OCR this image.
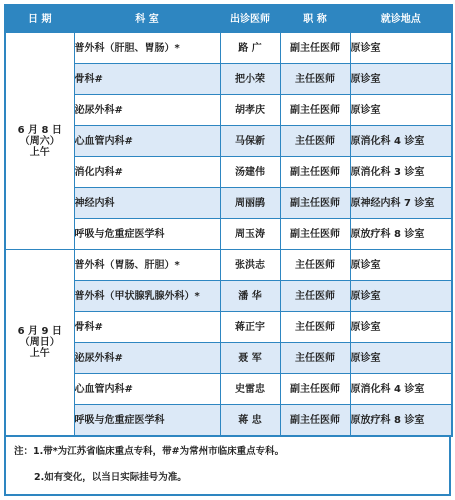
日 期	科 室	出诊医师	职 称	就诊地点

6 月 8 日
（周六）
上午	普外科（肝胆、胃肠）*	路 广	副主任医师	原诊室
	骨科#	把小荣	主任医师	原诊室
	泌尿外科#	胡孝庆	副主任医师	原诊室
	心血管内科#	马保新	主任医师	原消化科 4 诊室
	消化内科#	汤建伟	副主任医师	原消化科 3 诊室
	神经内科	周丽鹃	副主任医师	原神经内科 7 诊室
	呼吸与危重症医学科	周玉涛	副主任医师	原放疗科 8 诊室

6 月 9 日
（周日）
上午	普外科（胃肠、肝胆）*	张洪志	主任医师	原诊室
	普外科（甲状腺乳腺外科）*	潘 华	主任医师	原诊室
	骨科#	蒋正宇	主任医师	原诊室
	泌尿外科#	聂 军	主任医师	原诊室
	心血管内科#	史雷忠	副主任医师	原消化科 4 诊室
	呼吸与危重症医学科	蒋 忠	副主任医师	原放疗科 8 诊室
注：1.带*为江苏省临床重点专科，带#为常州市临床重点专科。
2.如有变化，以当日实际挂号为准。
